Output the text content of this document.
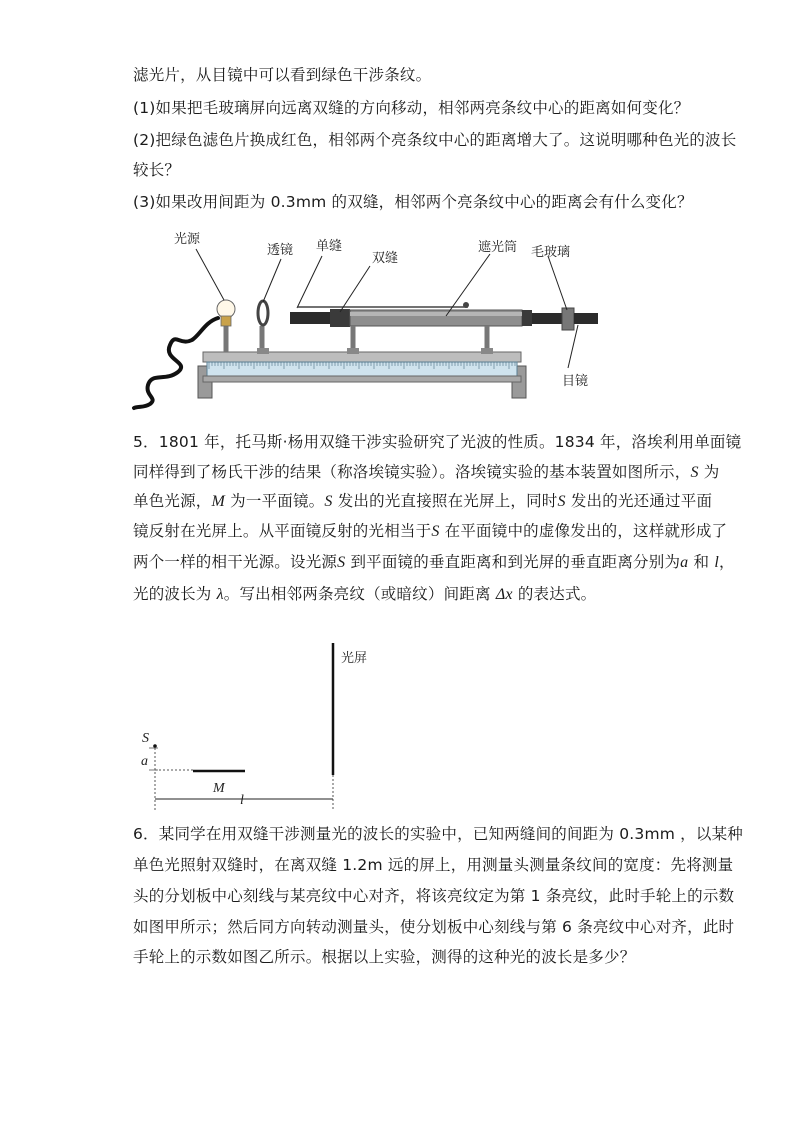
滤光片，从目镜中可以看到绿色干涉条纹。
(1)如果把毛玻璃屏向远离双缝的方向移动，相邻两亮条纹中心的距离如何变化？
(2)把绿色滤色片换成红色，相邻两个亮条纹中心的距离增大了。这说明哪种色光的波长
较长？
(3)如果改用间距为 0.3mm 的双缝，相邻两个亮条纹中心的距离会有什么变化？
光源
透镜 单缝
双缝
遮光筒 毛玻璃
目镜
5．1801 年，托马斯·杨用双缝干涉实验研究了光波的性质。1834 年，洛埃利用单面镜
同样得到了杨氏干涉的结果（称洛埃镜实验）。洛埃镜实验的基本装置如图所示，S 为
单色光源，M 为一平面镜。S 发出的光直接照在光屏上，同时S 发出的光还通过平面
镜反射在光屏上。从平面镜反射的光相当于S 在平面镜中的虚像发出的，这样就形成了
两个一样的相干光源。设光源S 到平面镜的垂直距离和到光屏的垂直距离分别为a 和 l，
光的波长为 λ。写出相邻两条亮纹（或暗纹）间距离 Δx 的表达式。
光屏
S
a
M
l
6．某同学在用双缝干涉测量光的波长的实验中，已知两缝间的间距为 0.3mm ，以某种
单色光照射双缝时，在离双缝 1.2m 远的屏上，用测量头测量条纹间的宽度：先将测量
头的分划板中心刻线与某亮纹中心对齐，将该亮纹定为第 1 条亮纹，此时手轮上的示数
如图甲所示；然后同方向转动测量头，使分划板中心刻线与第 6 条亮纹中心对齐，此时
手轮上的示数如图乙所示。根据以上实验，测得的这种光的波长是多少？
